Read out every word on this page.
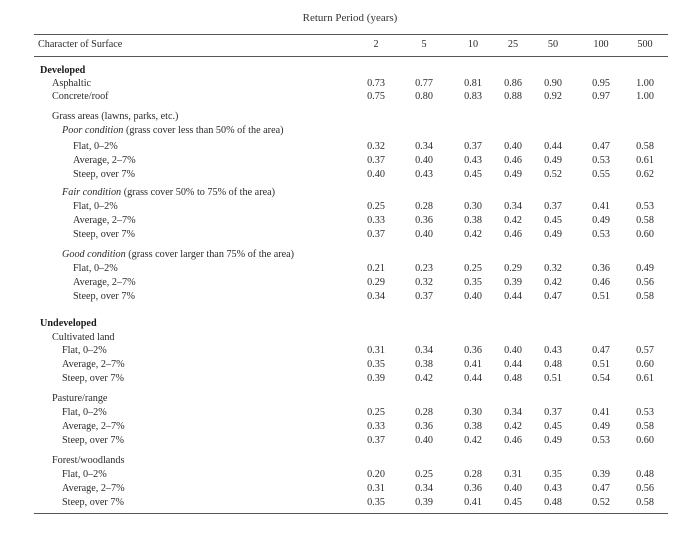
Return Period (years)
Character of Surface	2	5	10	25	50	100	500
Developed
Asphaltic	0.73	0.77	0.81	0.86	0.90	0.95	1.00
Concrete/roof	0.75	0.80	0.83	0.88	0.92	0.97	1.00
Grass areas (lawns, parks, etc.)
Poor condition (grass cover less than 50% of the area)
Flat, 0–2%	0.32	0.34	0.37	0.40	0.44	0.47	0.58
Average, 2–7%	0.37	0.40	0.43	0.46	0.49	0.53	0.61
Steep, over 7%	0.40	0.43	0.45	0.49	0.52	0.55	0.62
Fair condition (grass cover 50% to 75% of the area)
Flat, 0–2%	0.25	0.28	0.30	0.34	0.37	0.41	0.53
Average, 2–7%	0.33	0.36	0.38	0.42	0.45	0.49	0.58
Steep, over 7%	0.37	0.40	0.42	0.46	0.49	0.53	0.60
Good condition (grass cover larger than 75% of the area)
Flat, 0–2%	0.21	0.23	0.25	0.29	0.32	0.36	0.49
Average, 2–7%	0.29	0.32	0.35	0.39	0.42	0.46	0.56
Steep, over 7%	0.34	0.37	0.40	0.44	0.47	0.51	0.58
Undeveloped
Cultivated land
Flat, 0–2%	0.31	0.34	0.36	0.40	0.43	0.47	0.57
Average, 2–7%	0.35	0.38	0.41	0.44	0.48	0.51	0.60
Steep, over 7%	0.39	0.42	0.44	0.48	0.51	0.54	0.61
Pasture/range
Flat, 0–2%	0.25	0.28	0.30	0.34	0.37	0.41	0.53
Average, 2–7%	0.33	0.36	0.38	0.42	0.45	0.49	0.58
Steep, over 7%	0.37	0.40	0.42	0.46	0.49	0.53	0.60
Forest/woodlands
Flat, 0–2%	0.20	0.25	0.28	0.31	0.35	0.39	0.48
Average, 2–7%	0.31	0.34	0.36	0.40	0.43	0.47	0.56
Steep, over 7%	0.35	0.39	0.41	0.45	0.48	0.52	0.58
